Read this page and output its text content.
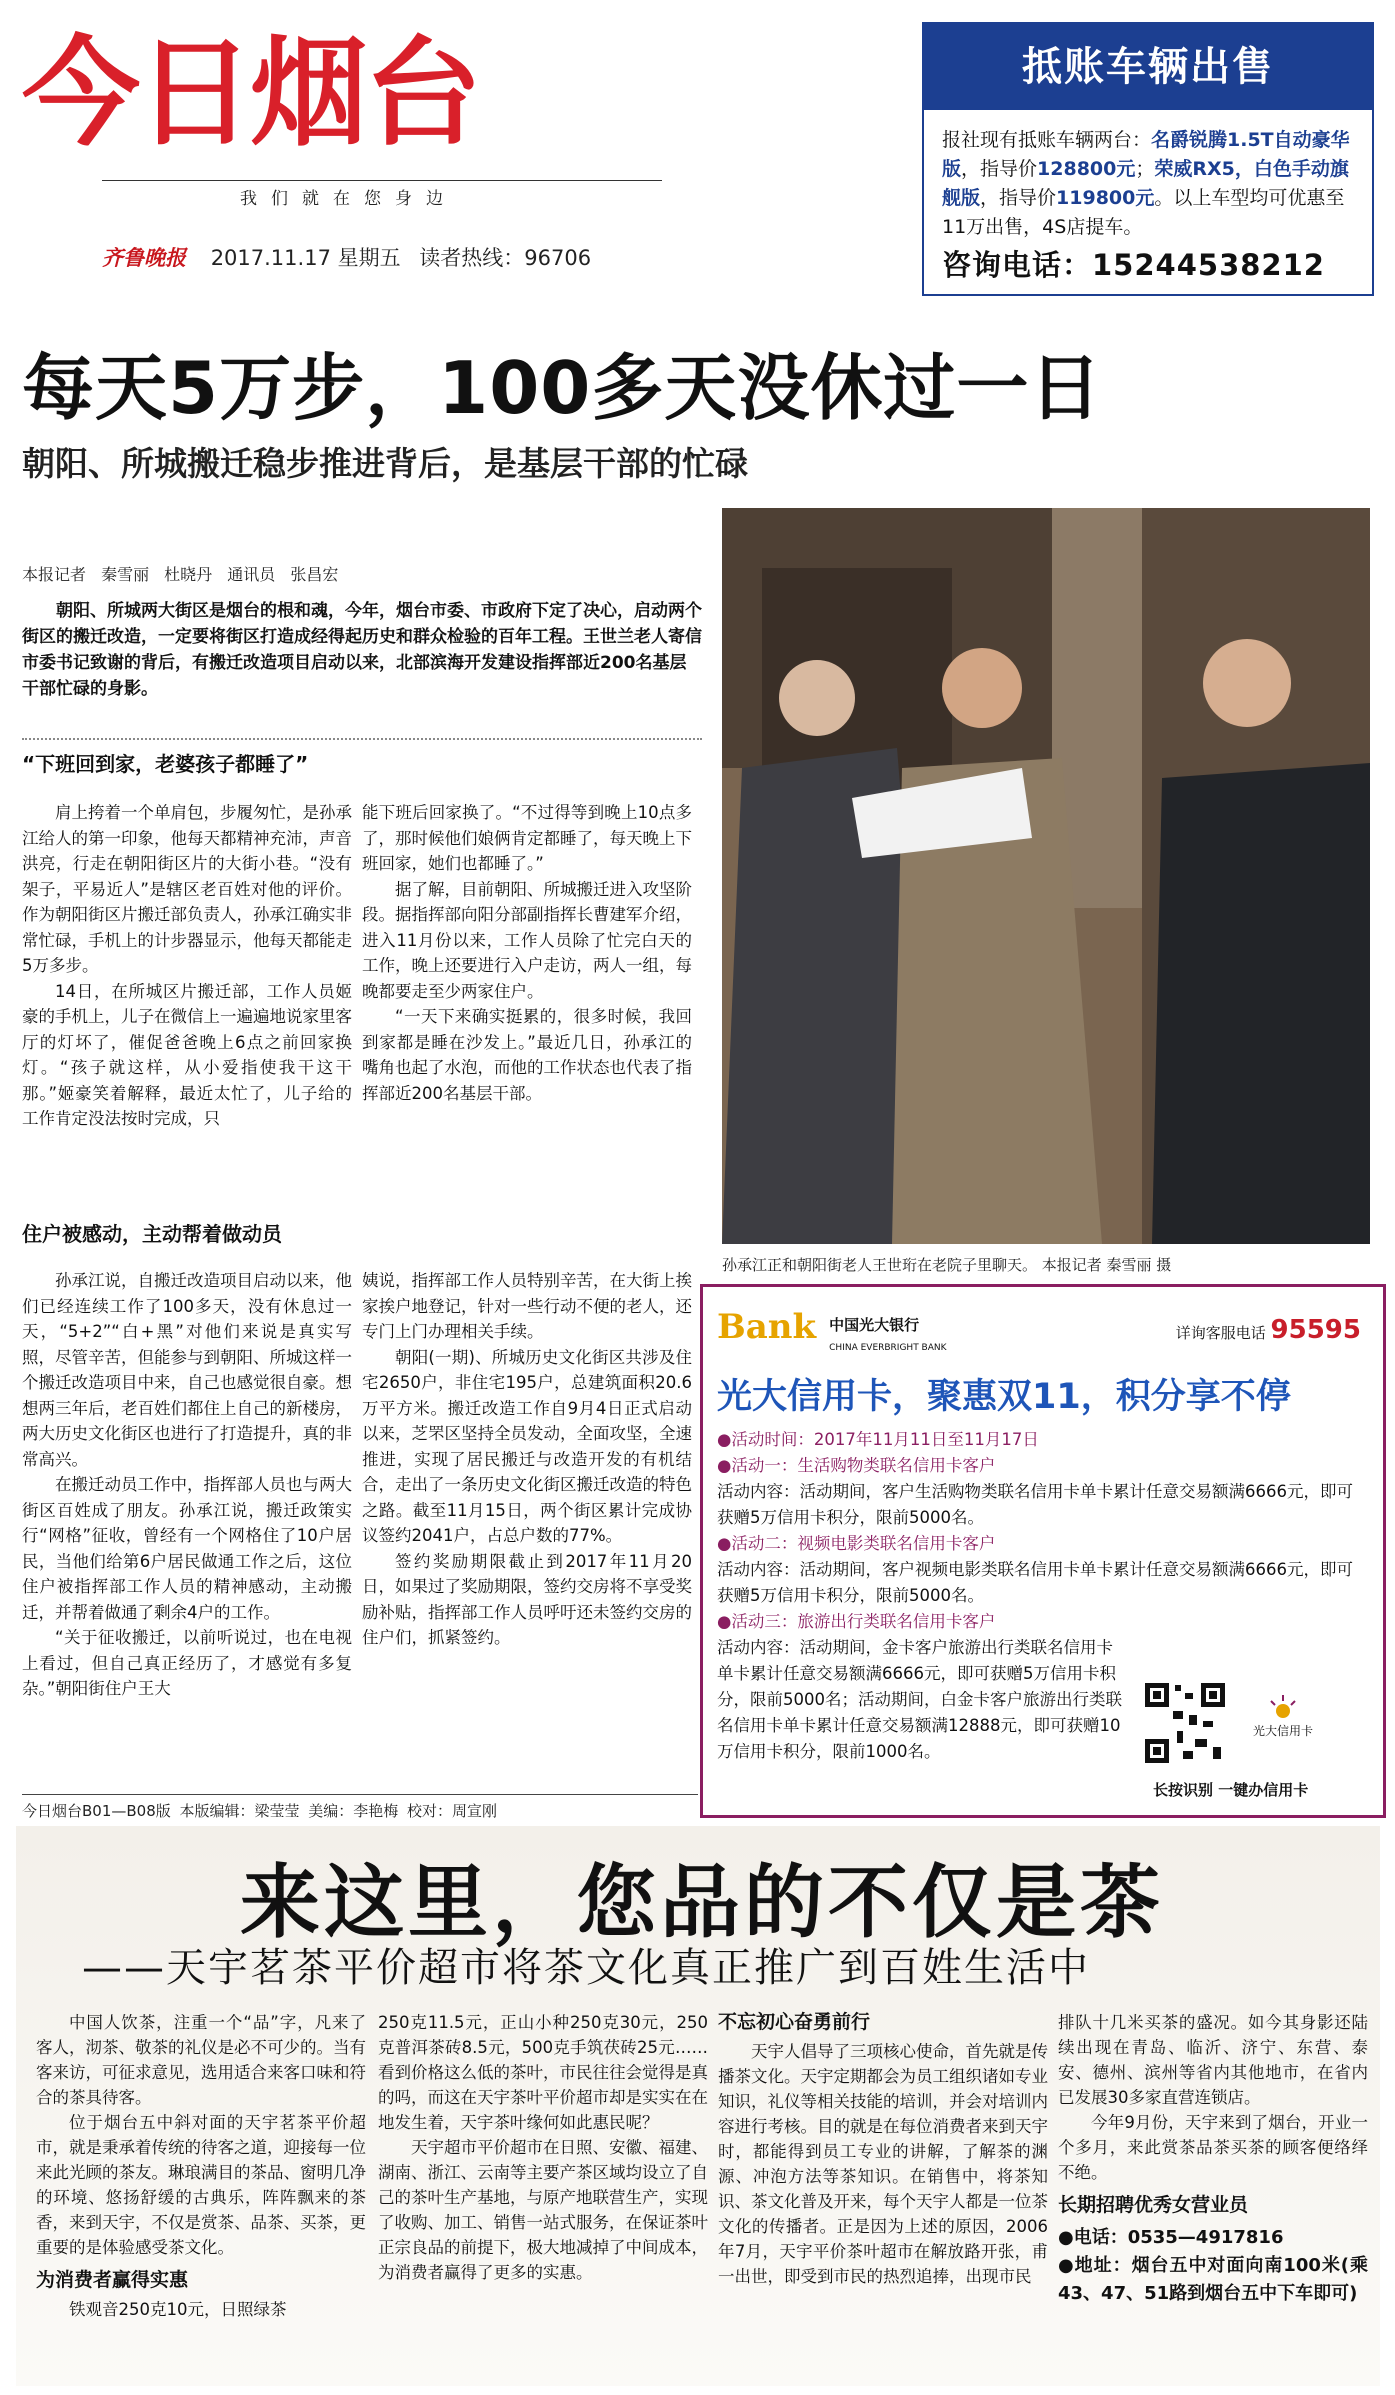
今日烟台
我们就在您身边
齐鲁晚报 2017.11.17 星期五 读者热线：96706
抵账车辆出售
报社现有抵账车辆两台：名爵锐腾1.5T自动豪华版，指导价128800元；荣威RX5，白色手动旗舰版，指导价119800元。以上车型均可优惠至11万出售，4S店提车。
咨询电话：15244538212
每天5万步，100多天没休过一日
朝阳、所城搬迁稳步推进背后，是基层干部的忙碌
本报记者 秦雪丽 杜晓丹 通讯员 张昌宏
朝阳、所城两大街区是烟台的根和魂，今年，烟台市委、市政府下定了决心，启动两个街区的搬迁改造，一定要将街区打造成经得起历史和群众检验的百年工程。王世兰老人寄信市委书记致谢的背后，有搬迁改造项目启动以来，北部滨海开发建设指挥部近200名基层干部忙碌的身影。
“下班回到家，老婆孩子都睡了”

肩上挎着一个单肩包，步履匆忙，是孙承江给人的第一印象，他每天都精神充沛，声音洪亮，行走在朝阳街区片的大街小巷。“没有架子，平易近人”是辖区老百姓对他的评价。作为朝阳街区片搬迁部负责人，孙承江确实非常忙碌，手机上的计步器显示，他每天都能走5万多步。

14日，在所城区片搬迁部，工作人员姬豪的手机上，儿子在微信上一遍遍地说家里客厅的灯坏了，催促爸爸晚上6点之前回家换灯。“孩子就这样，从小爱指使我干这干那。”姬豪笑着解释，最近太忙了，儿子给的工作肯定没法按时完成，只

能下班后回家换了。“不过得等到晚上10点多了，那时候他们娘俩肯定都睡了，每天晚上下班回家，她们也都睡了。”

据了解，目前朝阳、所城搬迁进入攻坚阶段。据指挥部向阳分部副指挥长曹建军介绍，进入11月份以来，工作人员除了忙完白天的工作，晚上还要进行入户走访，两人一组，每晚都要走至少两家住户。

“一天下来确实挺累的，很多时候，我回到家都是睡在沙发上。”最近几日，孙承江的嘴角也起了水泡，而他的工作状态也代表了指挥部近200名基层干部。

住户被感动，主动帮着做动员

孙承江说，自搬迁改造项目启动以来，他们已经连续工作了100多天，没有休息过一天，“5+2”“白+黑”对他们来说是真实写照，尽管辛苦，但能参与到朝阳、所城这样一个搬迁改造项目中来，自己也感觉很自豪。想想两三年后，老百姓们都住上自己的新楼房，两大历史文化街区也进行了打造提升，真的非常高兴。

在搬迁动员工作中，指挥部人员也与两大街区百姓成了朋友。孙承江说，搬迁政策实行“网格”征收，曾经有一个网格住了10户居民，当他们给第6户居民做通工作之后，这位住户被指挥部工作人员的精神感动，主动搬迁，并帮着做通了剩余4户的工作。

“关于征收搬迁，以前听说过，也在电视上看过，但自己真正经历了，才感觉有多复杂。”朝阳街住户王大

姨说，指挥部工作人员特别辛苦，在大街上挨家挨户地登记，针对一些行动不便的老人，还专门上门办理相关手续。

朝阳(一期)、所城历史文化街区共涉及住宅2650户，非住宅195户，总建筑面积20.6万平方米。搬迁改造工作自9月4日正式启动以来，芝罘区坚持全员发动，全面攻坚，全速推进，实现了居民搬迁与改造开发的有机结合，走出了一条历史文化街区搬迁改造的特色之路。截至11月15日，两个街区累计完成协议签约2041户，占总户数的77%。

签约奖励期限截止到2017年11月20日，如果过了奖励期限，签约交房将不享受奖励补贴，指挥部工作人员呼吁还未签约交房的住户们，抓紧签约。

孙承江正和朝阳街老人王世珩在老院子里聊天。 本报记者 秦雪丽 摄
Bank 中国光大银行
CHINA EVERBRIGHT BANK
详询客服电话 95595
光大信用卡，聚惠双11，积分享不停
●活动时间：2017年11月11日至11月17日
●活动一：生活购物类联名信用卡客户
活动内容：活动期间，客户生活购物类联名信用卡单卡累计任意交易额满6666元，即可获赠5万信用卡积分，限前5000名。
●活动二：视频电影类联名信用卡客户
活动内容：活动期间，客户视频电影类联名信用卡单卡累计任意交易额满6666元，即可获赠5万信用卡积分，限前5000名。
●活动三：旅游出行类联名信用卡客户
活动内容：活动期间，金卡客户旅游出行类联名信用卡单卡累计任意交易额满6666元，即可获赠5万信用卡积分，限前5000名；活动期间，白金卡客户旅游出行类联名信用卡单卡累计任意交易额满12888元，即可获赠10万信用卡积分，限前1000名。

光大信用卡
长按识别 一键办信用卡
今日烟台B01—B08版 本版编辑：梁莹莹 美编：李艳梅 校对：周宣刚
来这里，您品的不仅是茶
——天宇茗茶平价超市将茶文化真正推广到百姓生活中

中国人饮茶，注重一个“品”字，凡来了客人，沏茶、敬茶的礼仪是必不可少的。当有客来访，可征求意见，选用适合来客口味和符合的茶具待客。

位于烟台五中斜对面的天宇茗茶平价超市，就是秉承着传统的待客之道，迎接每一位来此光顾的茶友。琳琅满目的茶品、窗明几净的环境、悠扬舒缓的古典乐，阵阵飘来的茶香，来到天宇，不仅是赏茶、品茶、买茶，更重要的是体验感受茶文化。

为消费者赢得实惠

铁观音250克10元，日照绿茶

250克11.5元，正山小种250克30元，250克普洱茶砖8.5元，500克手筑茯砖25元……看到价格这么低的茶叶，市民往往会觉得是真的吗，而这在天宇茶叶平价超市却是实实在在地发生着，天宇茶叶缘何如此惠民呢？

天宇超市平价超市在日照、安徽、福建、湖南、浙江、云南等主要产茶区域均设立了自己的茶叶生产基地，与原产地联营生产，实现了收购、加工、销售一站式服务，在保证茶叶正宗良品的前提下，极大地减掉了中间成本，为消费者赢得了更多的实惠。

不忘初心奋勇前行

天宇人倡导了三项核心使命，首先就是传播茶文化。天宇定期都会为员工组织诸如专业知识，礼仪等相关技能的培训，并会对培训内容进行考核。目的就是在每位消费者来到天宇时，都能得到员工专业的讲解，了解茶的渊源、冲泡方法等茶知识。在销售中，将茶知识、茶文化普及开来，每个天宇人都是一位茶文化的传播者。正是因为上述的原因，2006年7月，天宇平价茶叶超市在解放路开张，甫一出世，即受到市民的热烈追捧，出现市民

排队十几米买茶的盛况。如今其身影还陆续出现在青岛、临沂、济宁、东营、泰安、德州、滨州等省内其他地市，在省内已发展30多家直营连锁店。

今年9月份，天宇来到了烟台，开业一个多月，来此赏茶品茶买茶的顾客便络绎不绝。

长期招聘优秀女营业员
●电话：0535—4917816
●地址：烟台五中对面向南100米(乘43、47、51路到烟台五中下车即可)
